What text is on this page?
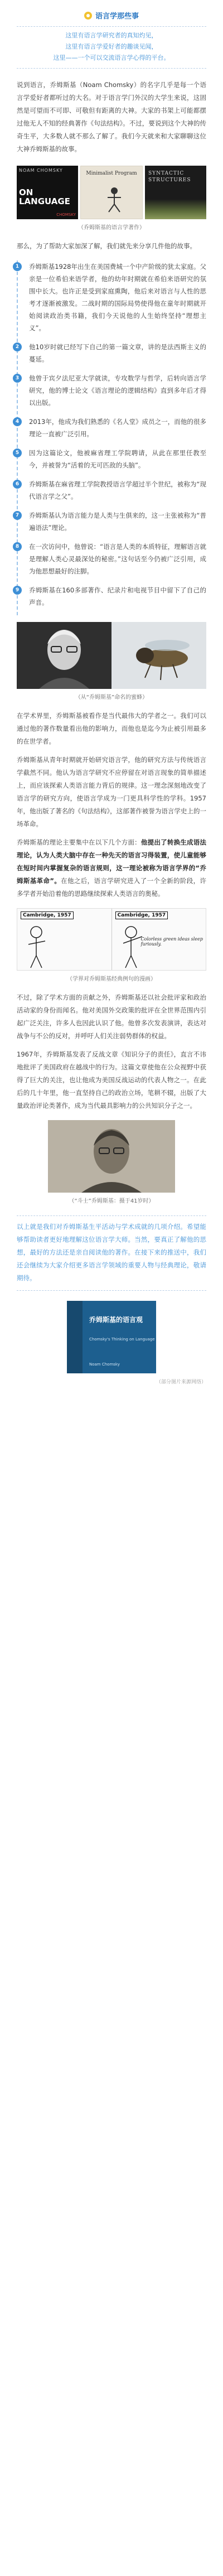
语言学那些事

这里有语言学研究者的真知灼见，

这里有语言学爱好者的趣谈见闻，

这里——一个可以交流语言学心得的平台。

说到语言，乔姆斯基（Noam Chomsky）的名字几乎是每一个语言学爱好者都听过的大名。对于语言学门外汉的大学生来说，这固然是可望而不可即、可敬但有距离的大神。大家的书架上可能都摆过他无人不知的经典著作《句法结构》。不过，要说到这个大神的传奇生平，大多数人就不那么了解了。我们今天就来和大家聊聊这位大神乔姆斯基的故事。

NOAM CHOMSKY
ON LANGUAGE
CHOMSKY
Minimalist Program	SYNTACTIC STRUCTURES

（乔姆斯基的语言学著作）

那么，为了帮助大家加深了解，我们就先来分享几件他的故事。

1	乔姆斯基1928年出生在美国费城一个中产阶级的犹太家庭。父亲是一位希伯来语学者，他的幼年时期就在希伯来语研究的氛围中长大。也许正是受到家庭熏陶，他后来对语言与人性的思考才逐渐被激发。二战时期的国际局势使得他在童年时期就开始阅读政治类书籍，我们今天说他的人生始终坚持“理想主义”。
2	他10岁时就已经写下自己的第一篇文章，讲的是法西斯主义的蔓延。
3	他曾于宾夕法尼亚大学就读，专攻数学与哲学，后转向语言学研究，他的博士论文《语言理论的逻辑结构》直到多年后才得以出版。
4	2013年，他成为我们熟悉的《名人堂》成员之一，而他的很多理论一直被广泛引用。
5	因为这篇论文，他被麻省理工学院聘请，从此在那里任教至今，并被誉为“活着的无可匹敌的头脑”。
6	乔姆斯基在麻省理工学院教授语言学超过半个世纪，被称为“现代语言学之父”。
7	乔姆斯基认为语言能力是人类与生俱来的，这一主张被称为“普遍语法”理论。
8	在一次访问中，他曾说：“语言是人类的本质特征，理解语言就是理解人类心灵最深处的秘密。”这句话至今仍被广泛引用，成为他思想最好的注脚。
9	乔姆斯基在160多部著作、纪录片和电视节目中留下了自己的声音。

（从“乔姆斯基”命名的蜜蜂）

在学术界里，乔姆斯基被看作是当代最伟大的学者之一。我们可以通过他的著作数量看出他的影响力，而他也是迄今为止被引用最多的在世学者。

乔姆斯基从青年时期就开始研究语言学，他的研究方法与传统语言学截然不同。他认为语言学研究不应停留在对语言现象的简单描述上，而应该探索人类语言能力背后的规律。这一理念深刻地改变了语言学的研究方向，使语言学成为一门更具科学性的学科。1957年，他出版了著名的《句法结构》，这部著作被誉为语言学史上的一场革命。

乔姆斯基的理论主要集中在以下几个方面：他提出了转换生成语法理论，认为人类大脑中存在一种先天的语言习得装置，使儿童能够在短时间内掌握复杂的语言规则，这一理论被称为语言学界的“乔姆斯基革命”。在他之后，语言学研究进入了一个全新的阶段，许多学者开始沿着他的思路继续探索人类语言的奥秘。

Cambridge, 1957	Cambridge, 1957
Colorless green ideas sleep furiously.

（学界对乔姆斯基经典例句的漫画）

不过，除了学术方面的贡献之外，乔姆斯基还以社会批评家和政治活动家的身份而闻名。他对美国外交政策的批评在全世界范围内引起广泛关注，许多人也因此认识了他。他曾多次发表演讲，表达对战争与不公的反对，并呼吁人们关注弱势群体的权益。

1967年，乔姆斯基发表了反战文章《知识分子的责任》，直言不讳地批评了美国政府在越战中的行为。这篇文章使他在公众视野中获得了巨大的关注，也让他成为美国反战运动的代表人物之一。在此后的几十年里，他一直坚持自己的政治立场，笔耕不辍，出版了大量政治评论类著作，成为当代最具影响力的公共知识分子之一。

（“斗士”乔姆斯基：摄于41岁时）

以上就是我们对乔姆斯基生平活动与学术成就的几项介绍。希望能够帮助读者更好地理解这位语言学大师。当然，要真正了解他的思想，最好的方法还是亲自阅读他的著作。在接下来的推送中，我们还会继续为大家介绍更多语言学领域的重要人物与经典理论，敬请期待。

乔姆斯基的语言观
Chomsky's Thinking on Language
Noam Chomsky

（部分图片来源网络）
